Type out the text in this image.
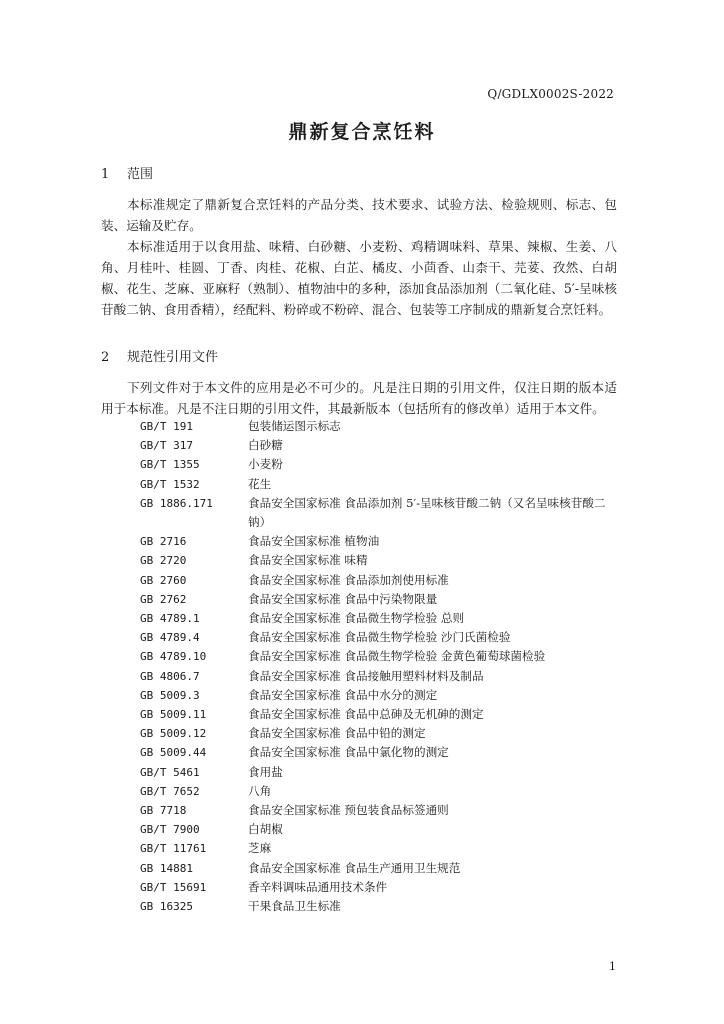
Q/GDLX0002S-2022
鼎新复合烹饪料
1 范围

本标准规定了鼎新复合烹饪料的产品分类、技术要求、试验方法、检验规则、标志、包装、运输及贮存。

本标准适用于以食用盐、味精、白砂糖、小麦粉、鸡精调味料、草果、辣椒、生姜、八角、月桂叶、桂圆、丁香、肉桂、花椒、白芷、橘皮、小茴香、山柰干、芫荽、孜然、白胡椒、花生、芝麻、亚麻籽（熟制）、植物油中的多种，添加食品添加剂（二氧化硅、5′-呈味核苷酸二钠、食用香精），经配料、粉碎或不粉碎、混合、包装等工序制成的鼎新复合烹饪料。

2 规范性引用文件

下列文件对于本文件的应用是必不可少的。凡是注日期的引用文件，仅注日期的版本适用于本标准。凡是不注日期的引用文件，其最新版本（包括所有的修改单）适用于本文件。

GB/T 191	包装储运图示标志
GB/T 317	白砂糖
GB/T 1355	小麦粉
GB/T 1532	花生
GB 1886.171	食品安全国家标准 食品添加剂 5′-呈味核苷酸二钠（又名呈味核苷酸二钠）
GB 2716	食品安全国家标准 植物油
GB 2720	食品安全国家标准 味精
GB 2760	食品安全国家标准 食品添加剂使用标准
GB 2762	食品安全国家标准 食品中污染物限量
GB 4789.1	食品安全国家标准 食品微生物学检验 总则
GB 4789.4	食品安全国家标准 食品微生物学检验 沙门氏菌检验
GB 4789.10	食品安全国家标准 食品微生物学检验 金黄色葡萄球菌检验
GB 4806.7	食品安全国家标准 食品接触用塑料材料及制品
GB 5009.3	食品安全国家标准 食品中水分的测定
GB 5009.11	食品安全国家标准 食品中总砷及无机砷的测定
GB 5009.12	食品安全国家标准 食品中铅的测定
GB 5009.44	食品安全国家标准 食品中氯化物的测定
GB/T 5461	食用盐
GB/T 7652	八角
GB 7718	食品安全国家标准 预包装食品标签通则
GB/T 7900	白胡椒
GB/T 11761	芝麻
GB 14881	食品安全国家标准 食品生产通用卫生规范
GB/T 15691	香辛料调味品通用技术条件
GB 16325	干果食品卫生标准
1
